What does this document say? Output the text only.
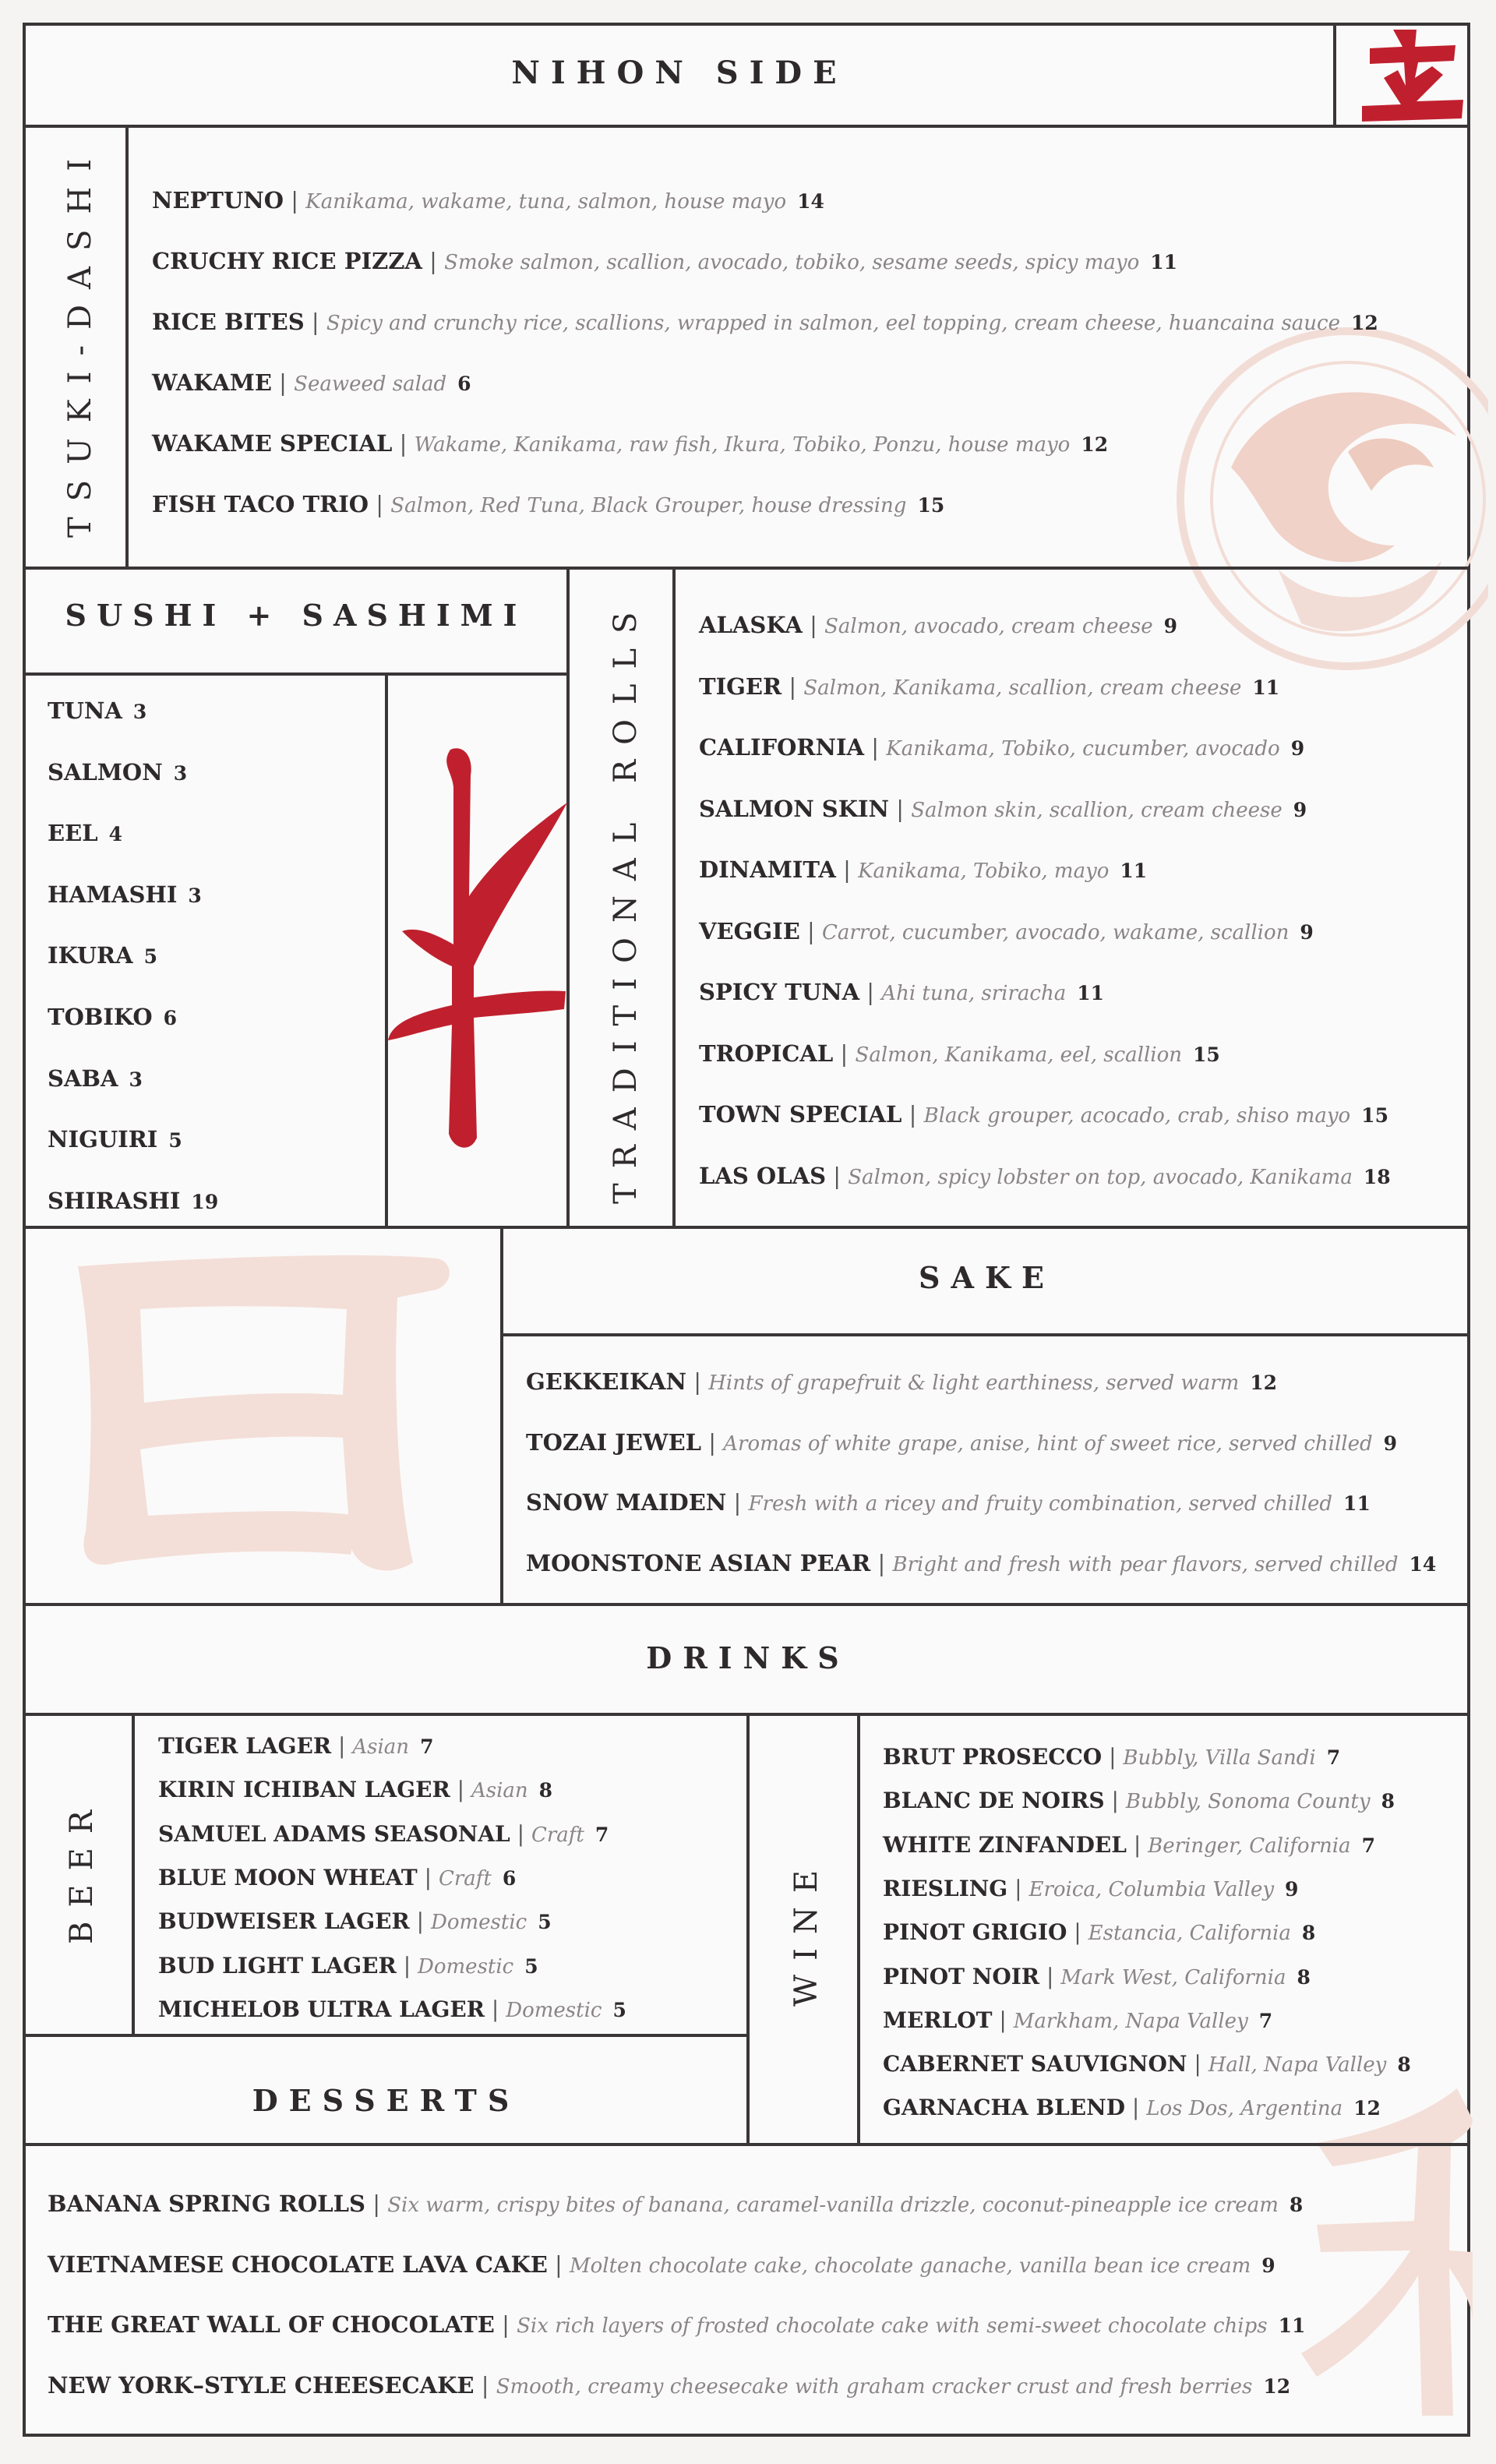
NIHON SIDE
TSUKI-DASHI NEPTUNO | Kanikama, wakame, tuna, salmon, house mayo 14
CRUCHY RICE PIZZA | Smoke salmon, scallion, avocado, tobiko, sesame seeds, spicy mayo 11
RICE BITES | Spicy and crunchy rice, scallions, wrapped in salmon, eel topping, cream cheese, huancaina sauce 12
WAKAME | Seaweed salad 6
WAKAME SPECIAL | Wakame, Kanikama, raw fish, Ikura, Tobiko, Ponzu, house mayo 12
FISH TACO TRIO | Salmon, Red Tuna, Black Grouper, house dressing 15
SUSHI + SASHIMI
TUNA 3
SALMON 3
EEL 4
HAMASHI 3
IKURA 5
TOBIKO 6
SABA 3
NIGUIRI 5
SHIRASHI 19	TRADITIONAL ROLLS ALASKA | Salmon, avocado, cream cheese 9
TIGER | Salmon, Kanikama, scallion, cream cheese 11
CALIFORNIA | Kanikama, Tobiko, cucumber, avocado 9
SALMON SKIN | Salmon skin, scallion, cream cheese 9
DINAMITA | Kanikama, Tobiko, mayo 11
VEGGIE | Carrot, cucumber, avocado, wakame, scallion 9
SPICY TUNA | Ahi tuna, sriracha 11
TROPICAL | Salmon, Kanikama, eel, scallion 15
TOWN SPECIAL | Black grouper, acocado, crab, shiso mayo 15
LAS OLAS | Salmon, spicy lobster on top, avocado, Kanikama 18
SAKE
GEKKEIKAN | Hints of grapefruit & light earthiness, served warm 12
TOZAI JEWEL | Aromas of white grape, anise, hint of sweet rice, served chilled 9
SNOW MAIDEN | Fresh with a ricey and fruity combination, served chilled 11
MOONSTONE ASIAN PEAR | Bright and fresh with pear flavors, served chilled 14
DRINKS
BEER
TIGER LAGER | Asian 7
KIRIN ICHIBAN LAGER | Asian 8
SAMUEL ADAMS SEASONAL | Craft 7
BLUE MOON WHEAT | Craft 6
BUDWEISER LAGER | Domestic 5
BUD LIGHT LAGER | Domestic 5
MICHELOB ULTRA LAGER | Domestic 5
WINE
BRUT PROSECCO | Bubbly, Villa Sandi 7
BLANC DE NOIRS | Bubbly, Sonoma County 8
WHITE ZINFANDEL | Beringer, California 7
RIESLING | Eroica, Columbia Valley 9
PINOT GRIGIO | Estancia, California 8
PINOT NOIR | Mark West, California 8
MERLOT | Markham, Napa Valley 7
CABERNET SAUVIGNON | Hall, Napa Valley 8
GARNACHA BLEND | Los Dos, Argentina 12
DESSERTS
BANANA SPRING ROLLS | Six warm, crispy bites of banana, caramel-vanilla drizzle, coconut-pineapple ice cream 8
VIETNAMESE CHOCOLATE LAVA CAKE | Molten chocolate cake, chocolate ganache, vanilla bean ice cream 9
THE GREAT WALL OF CHOCOLATE | Six rich layers of frosted chocolate cake with semi-sweet chocolate chips 11
NEW YORK–STYLE CHEESECAKE | Smooth, creamy cheesecake with graham cracker crust and fresh berries 12
